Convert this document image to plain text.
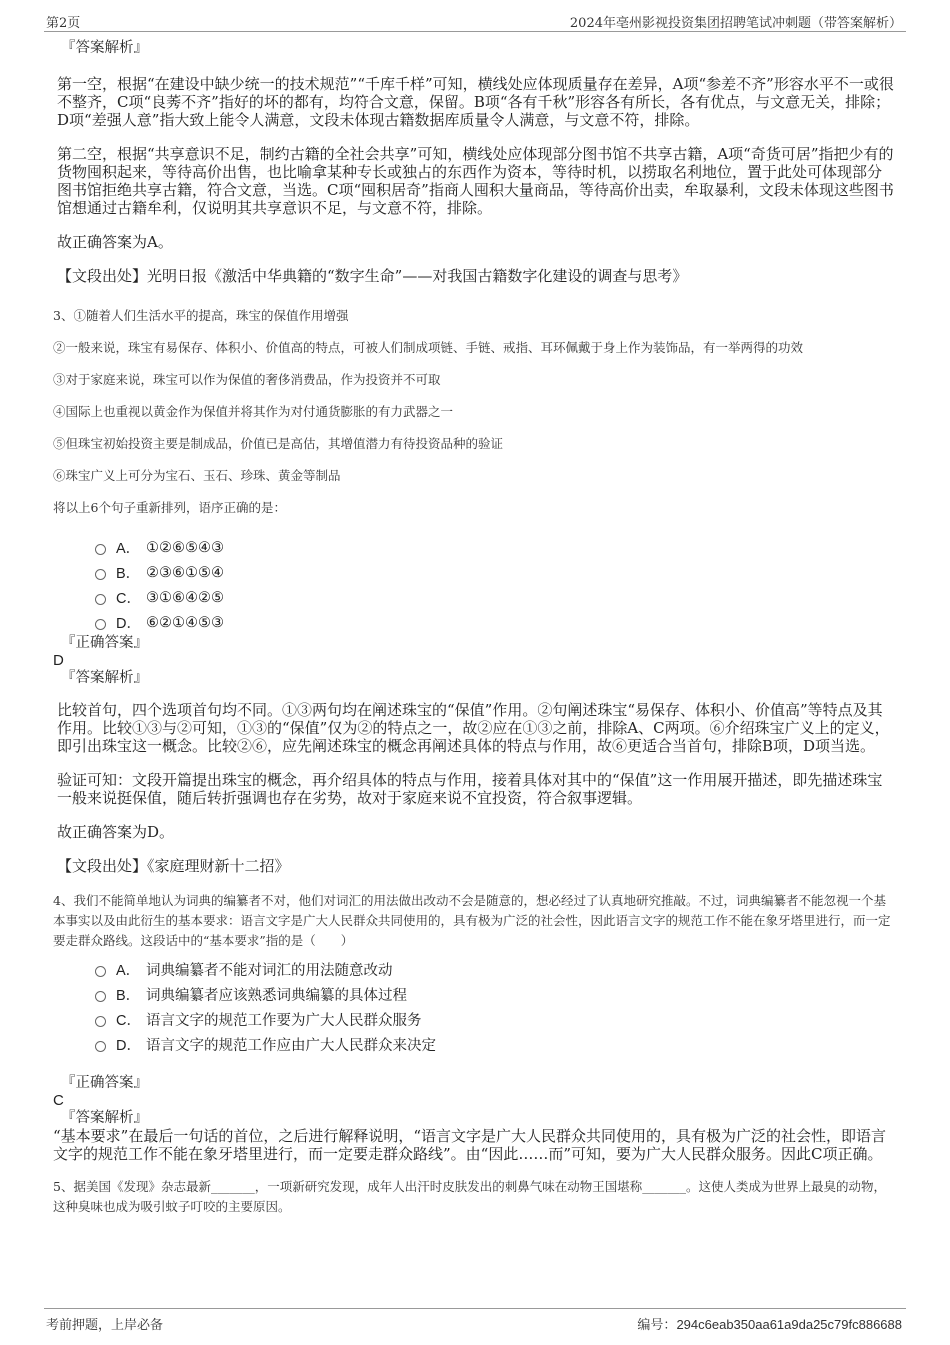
第2页	2024年亳州影视投资集团招聘笔试冲刺题（带答案解析）

『答案解析』

第一空，根据“在建设中缺少统一的技术规范”“千库千样”可知，横线处应体现质量存在差异，A项“参差不齐”形容水平不一或很不整齐，C项“良莠不齐”指好的坏的都有，均符合文意，保留。B项“各有千秋”形容各有所长，各有优点，与文意无关，排除；D项“差强人意”指大致上能令人满意，文段未体现古籍数据库质量令人满意，与文意不符，排除。

第二空，根据“共享意识不足，制约古籍的全社会共享”可知，横线处应体现部分图书馆不共享古籍，A项“奇货可居”指把少有的货物囤积起来，等待高价出售，也比喻拿某种专长或独占的东西作为资本，等待时机，以捞取名利地位，置于此处可体现部分图书馆拒绝共享古籍，符合文意，当选。C项“囤积居奇”指商人囤积大量商品，等待高价出卖，牟取暴利，文段未体现这些图书馆想通过古籍牟利，仅说明其共享意识不足，与文意不符，排除。

故正确答案为A。

【文段出处】光明日报《激活中华典籍的“数字生命”——对我国古籍数字化建设的调查与思考》

3、①随着人们生活水平的提高，珠宝的保值作用增强

②一般来说，珠宝有易保存、体积小、价值高的特点，可被人们制成项链、手链、戒指、耳环佩戴于身上作为装饰品，有一举两得的功效

③对于家庭来说，珠宝可以作为保值的奢侈消费品，作为投资并不可取

④国际上也重视以黄金作为保值并将其作为对付通货膨胀的有力武器之一

⑤但珠宝初始投资主要是制成品，价值已是高估，其增值潜力有待投资品种的验证

⑥珠宝广义上可分为宝石、玉石、珍珠、黄金等制品

将以上6个句子重新排列，语序正确的是：

A． ①②⑥⑤④③
B． ②③⑥①⑤④
C． ③①⑥④②⑤
D． ⑥②①④⑤③

『正确答案』

D

『答案解析』

比较首句，四个选项首句均不同。①③两句均在阐述珠宝的“保值”作用。②句阐述珠宝“易保存、体积小、价值高”等特点及其作用。比较①③与②可知，①③的“保值”仅为②的特点之一，故②应在①③之前，排除A、C两项。⑥介绍珠宝广义上的定义，即引出珠宝这一概念。比较②⑥，应先阐述珠宝的概念再阐述具体的特点与作用，故⑥更适合当首句，排除B项，D项当选。

验证可知：文段开篇提出珠宝的概念，再介绍具体的特点与作用，接着具体对其中的“保值”这一作用展开描述，即先描述珠宝一般来说挺保值，随后转折强调也存在劣势，故对于家庭来说不宜投资，符合叙事逻辑。

故正确答案为D。

【文段出处】《家庭理财新十二招》

4、我们不能简单地认为词典的编纂者不对，他们对词汇的用法做出改动不会是随意的，想必经过了认真地研究推敲。不过，词典编纂者不能忽视一个基本事实以及由此衍生的基本要求：语言文字是广大人民群众共同使用的，具有极为广泛的社会性，因此语言文字的规范工作不能在象牙塔里进行，而一定要走群众路线。这段话中的“基本要求”指的是（　　）

A． 词典编纂者不能对词汇的用法随意改动
B． 词典编纂者应该熟悉词典编纂的具体过程
C． 语言文字的规范工作要为广大人民群众服务
D． 语言文字的规范工作应由广大人民群众来决定

『正确答案』

C

『答案解析』

“基本要求”在最后一句话的首位，之后进行解释说明，“语言文字是广大人民群众共同使用的，具有极为广泛的社会性，即语言文字的规范工作不能在象牙塔里进行，而一定要走群众路线”。由“因此……而”可知，要为广大人民群众服务。因此C项正确。

5、据美国《发现》杂志最新_______，一项新研究发现，成年人出汗时皮肤发出的刺鼻气味在动物王国堪称_______。这使人类成为世界上最臭的动物，这种臭味也成为吸引蚊子叮咬的主要原因。

考前押题，上岸必备	编号：294c6eab350aa61a9da25c79fc886688
